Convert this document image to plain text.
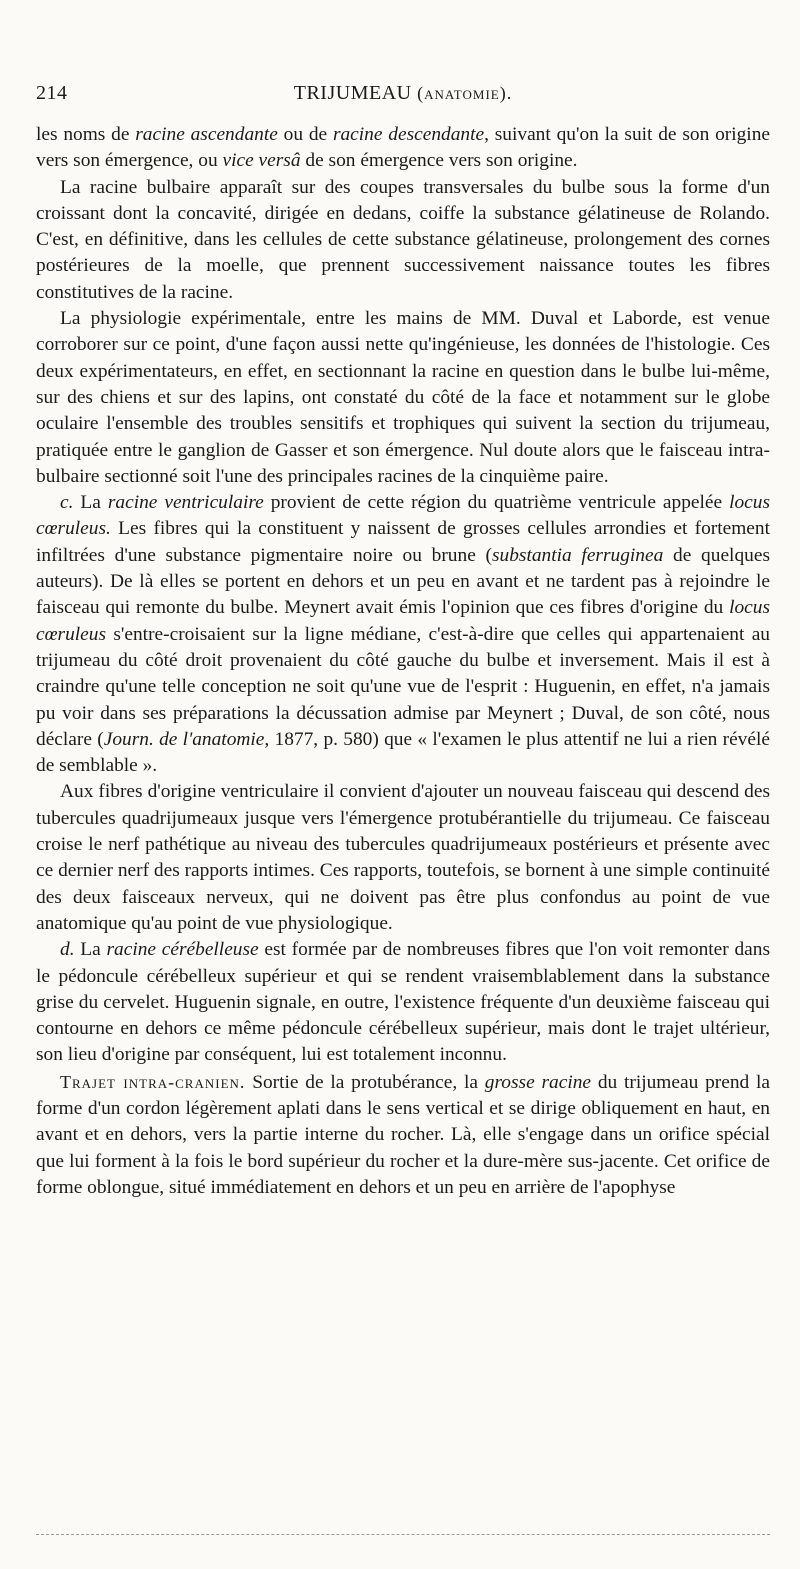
214	TRIJUMEAU (anatomie).

les noms de racine ascendante ou de racine descendante, suivant qu'on la suit de son origine vers son émergence, ou vice versâ de son émergence vers son origine.

La racine bulbaire apparaît sur des coupes transversales du bulbe sous la forme d'un croissant dont la concavité, dirigée en dedans, coiffe la substance gélatineuse de Rolando. C'est, en définitive, dans les cellules de cette substance gélatineuse, prolongement des cornes postérieures de la moelle, que prennent successivement naissance toutes les fibres constitutives de la racine.

La physiologie expérimentale, entre les mains de MM. Duval et Laborde, est venue corroborer sur ce point, d'une façon aussi nette qu'ingénieuse, les données de l'histologie. Ces deux expérimentateurs, en effet, en sectionnant la racine en question dans le bulbe lui-même, sur des chiens et sur des lapins, ont constaté du côté de la face et notamment sur le globe oculaire l'ensemble des troubles sensitifs et trophiques qui suivent la section du trijumeau, pratiquée entre le ganglion de Gasser et son émergence. Nul doute alors que le faisceau intra-bulbaire sectionné soit l'une des principales racines de la cinquième paire.

c. La racine ventriculaire provient de cette région du quatrième ventricule appelée locus cœruleus. Les fibres qui la constituent y naissent de grosses cellules arrondies et fortement infiltrées d'une substance pigmentaire noire ou brune (substantia ferruginea de quelques auteurs). De là elles se portent en dehors et un peu en avant et ne tardent pas à rejoindre le faisceau qui remonte du bulbe. Meynert avait émis l'opinion que ces fibres d'origine du locus cœruleus s'entre-croisaient sur la ligne médiane, c'est-à-dire que celles qui appartenaient au trijumeau du côté droit provenaient du côté gauche du bulbe et inversement. Mais il est à craindre qu'une telle conception ne soit qu'une vue de l'esprit : Huguenin, en effet, n'a jamais pu voir dans ses préparations la décussation admise par Meynert ; Duval, de son côté, nous déclare (Journ. de l'anatomie, 1877, p. 580) que « l'examen le plus attentif ne lui a rien révélé de semblable ».

Aux fibres d'origine ventriculaire il convient d'ajouter un nouveau faisceau qui descend des tubercules quadrijumeaux jusque vers l'émergence protubérantielle du trijumeau. Ce faisceau croise le nerf pathétique au niveau des tubercules quadrijumeaux postérieurs et présente avec ce dernier nerf des rapports intimes. Ces rapports, toutefois, se bornent à une simple continuité des deux faisceaux nerveux, qui ne doivent pas être plus confondus au point de vue anatomique qu'au point de vue physiologique.

d. La racine cérébelleuse est formée par de nombreuses fibres que l'on voit remonter dans le pédoncule cérébelleux supérieur et qui se rendent vraisemblablement dans la substance grise du cervelet. Huguenin signale, en outre, l'existence fréquente d'un deuxième faisceau qui contourne en dehors ce même pédoncule cérébelleux supérieur, mais dont le trajet ultérieur, son lieu d'origine par conséquent, lui est totalement inconnu.

Trajet intra-cranien. Sortie de la protubérance, la grosse racine du trijumeau prend la forme d'un cordon légèrement aplati dans le sens vertical et se dirige obliquement en haut, en avant et en dehors, vers la partie interne du rocher. Là, elle s'engage dans un orifice spécial que lui forment à la fois le bord supérieur du rocher et la dure-mère sus-jacente. Cet orifice de forme oblongue, situé immédiatement en dehors et un peu en arrière de l'apophyse
